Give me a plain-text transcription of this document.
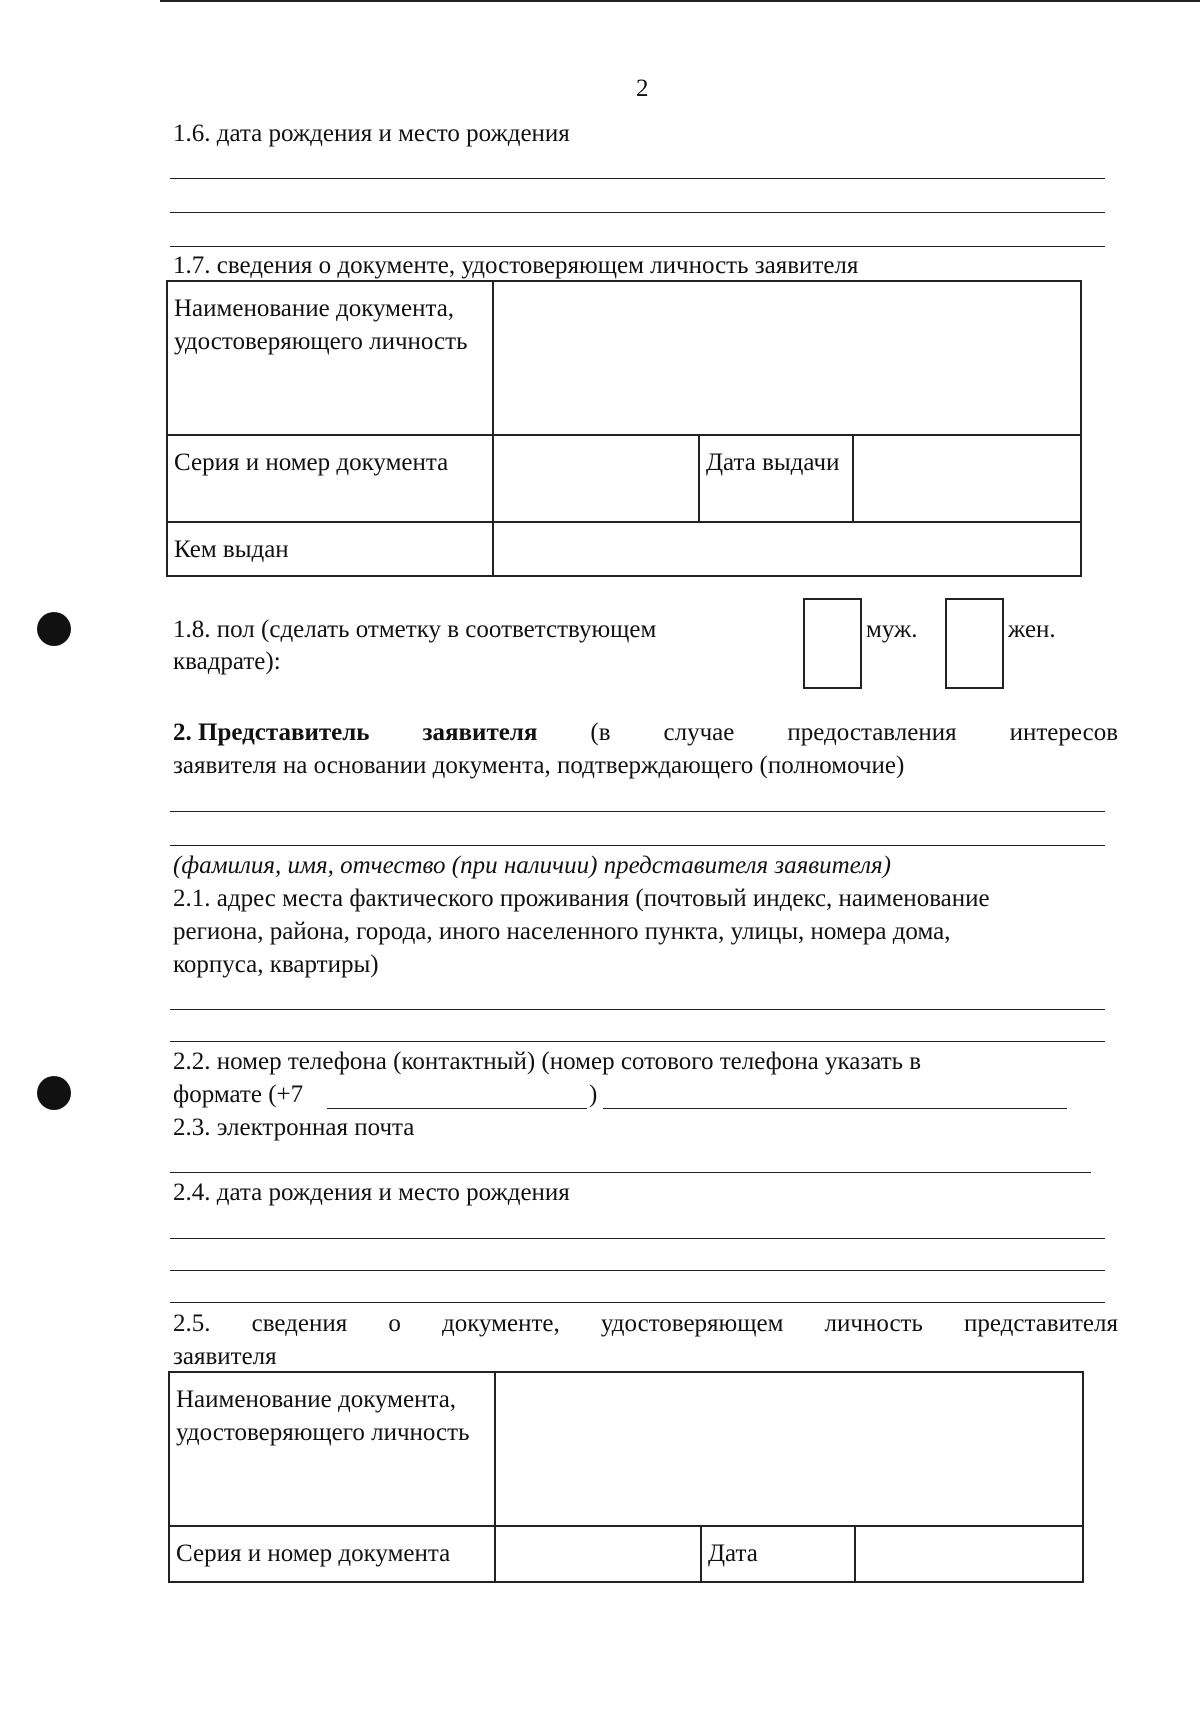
2
1.6. дата рождения и место рождения
1.7. сведения о документе, удостоверяющем личность заявителя
Наименование документа, удостоверяющего личность			
Серия и номер документа		Дата выдачи	
Кем выдан			
1.8. пол (сделать отметку в соответствующем
квадрате):
муж.	жен.
2. Представитель заявителя (в случае предоставления интересов
заявителя на основании документа, подтверждающего (полномочие)
(фамилия, имя, отчество (при наличии) представителя заявителя)
2.1. адрес места фактического проживания (почтовый индекс, наименование
региона, района, города, иного населенного пункта, улицы, номера дома,
корпуса, квартиры)
2.2. номер телефона (контактный) (номер сотового телефона указать в
формате (+7	)
2.3. электронная почта
2.4. дата рождения и место рождения
2.5. сведения о документе, удостоверяющем личность представителя
заявителя
Наименование документа, удостоверяющего личность			
Серия и номер документа		Дата	
